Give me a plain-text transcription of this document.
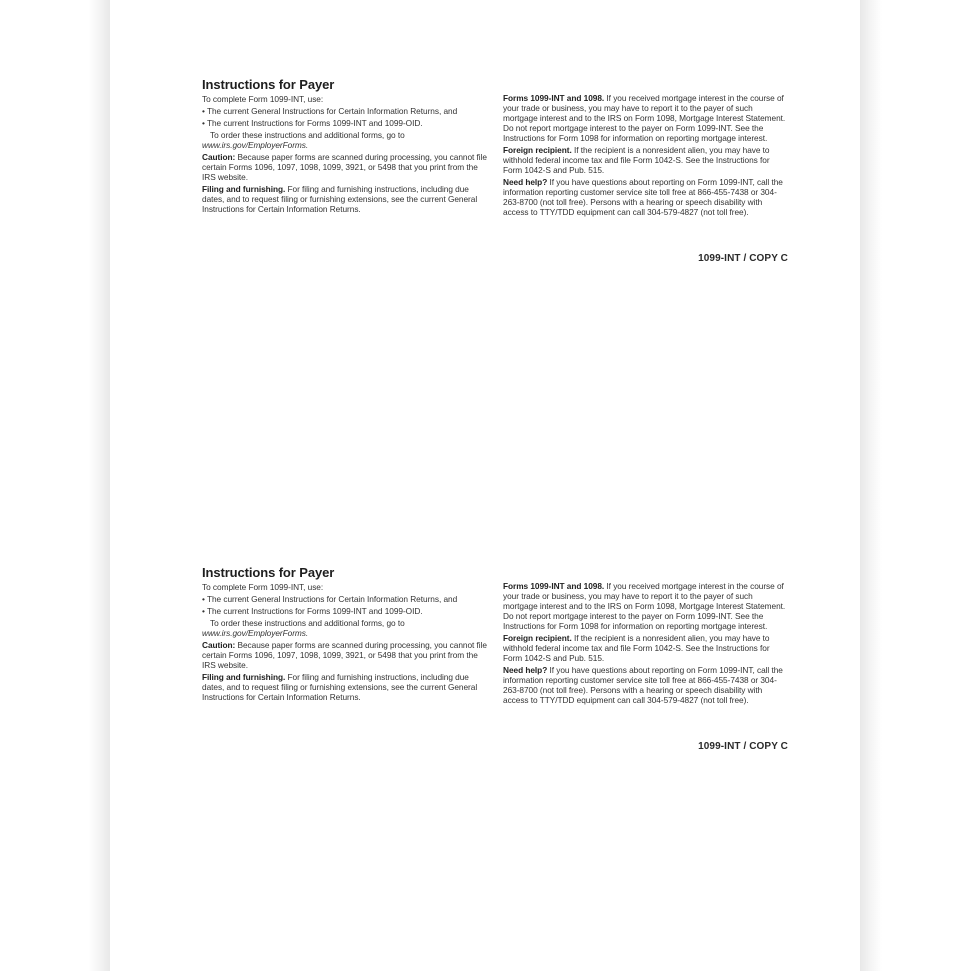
Instructions for Payer
To complete Form 1099-INT, use:
• The current General Instructions for Certain Information Returns, and
• The current Instructions for Forms 1099-INT and 1099-OID.
To order these instructions and additional forms, go to
www.irs.gov/EmployerForms.
Caution: Because paper forms are scanned during processing, you cannot file certain Forms 1096, 1097, 1098, 1099, 3921, or 5498 that you print from the IRS website.
Filing and furnishing. For filing and furnishing instructions, including due dates, and to request filing or furnishing extensions, see the current General Instructions for Certain Information Returns.
Forms 1099-INT and 1098. If you received mortgage interest in the course of your trade or business, you may have to report it to the payer of such mortgage interest and to the IRS on Form 1098, Mortgage Interest Statement. Do not report mortgage interest to the payer on Form 1099-INT. See the Instructions for Form 1098 for information on reporting mortgage interest.
Foreign recipient. If the recipient is a nonresident alien, you may have to withhold federal income tax and file Form 1042-S. See the Instructions for Form 1042-S and Pub. 515.
Need help? If you have questions about reporting on Form 1099-INT, call the information reporting customer service site toll free at 866-455-7438 or 304-263-8700 (not toll free). Persons with a hearing or speech disability with access to TTY/TDD equipment can call 304-579-4827 (not toll free).
1099-INT / COPY C
Instructions for Payer
To complete Form 1099-INT, use:
• The current General Instructions for Certain Information Returns, and
• The current Instructions for Forms 1099-INT and 1099-OID.
To order these instructions and additional forms, go to
www.irs.gov/EmployerForms.
Caution: Because paper forms are scanned during processing, you cannot file certain Forms 1096, 1097, 1098, 1099, 3921, or 5498 that you print from the IRS website.
Filing and furnishing. For filing and furnishing instructions, including due dates, and to request filing or furnishing extensions, see the current General Instructions for Certain Information Returns.
Forms 1099-INT and 1098. If you received mortgage interest in the course of your trade or business, you may have to report it to the payer of such mortgage interest and to the IRS on Form 1098, Mortgage Interest Statement. Do not report mortgage interest to the payer on Form 1099-INT. See the Instructions for Form 1098 for information on reporting mortgage interest.
Foreign recipient. If the recipient is a nonresident alien, you may have to withhold federal income tax and file Form 1042-S. See the Instructions for Form 1042-S and Pub. 515.
Need help? If you have questions about reporting on Form 1099-INT, call the information reporting customer service site toll free at 866-455-7438 or 304-263-8700 (not toll free). Persons with a hearing or speech disability with access to TTY/TDD equipment can call 304-579-4827 (not toll free).
1099-INT / COPY C
